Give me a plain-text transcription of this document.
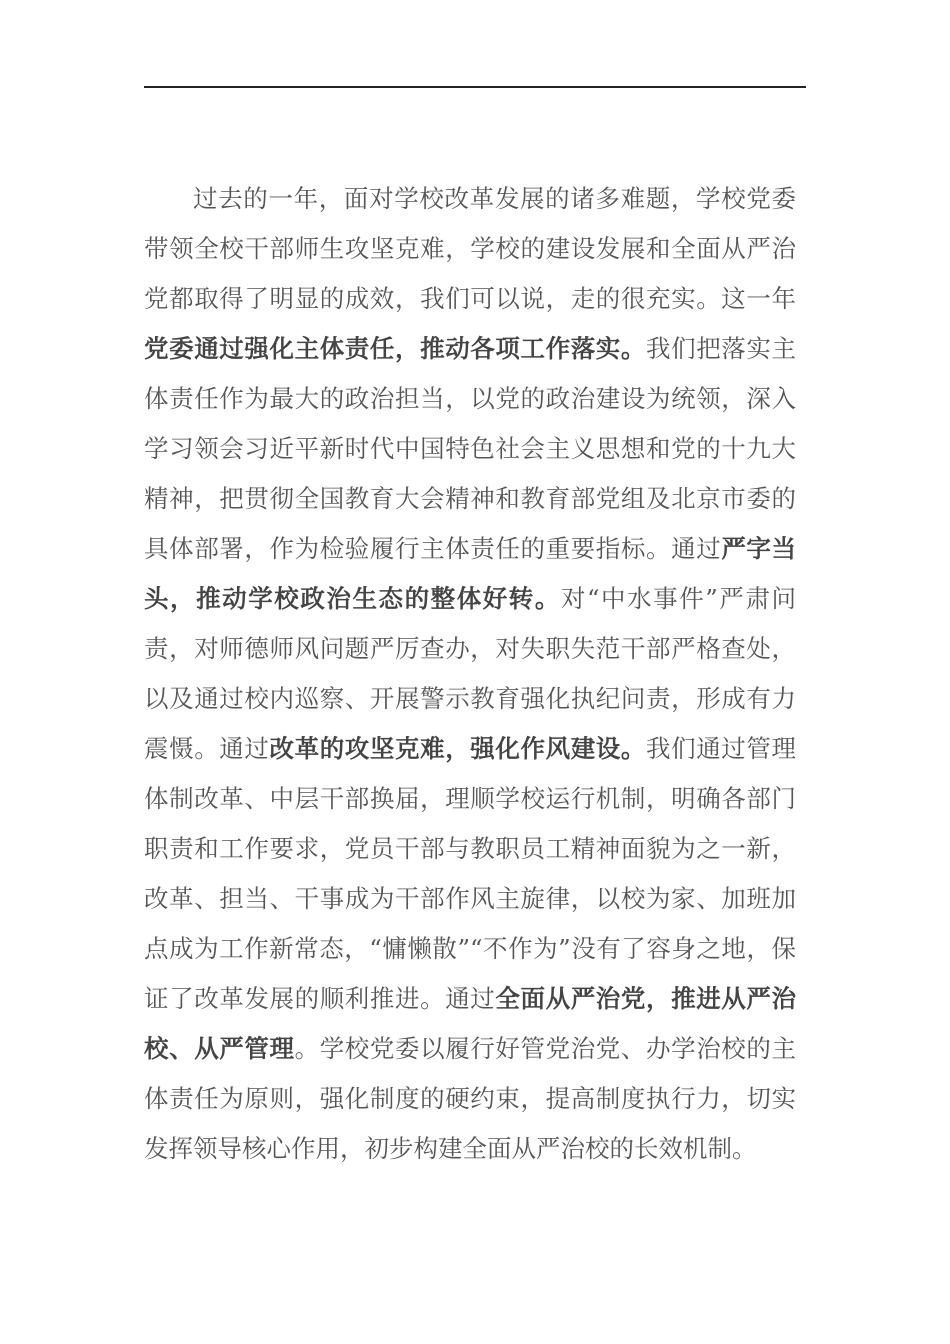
过去的一年，面对学校改革发展的诸多难题，学校党委带领全校干部师生攻坚克难，学校的建设发展和全面从严治党都取得了明显的成效，我们可以说，走的很充实。这一年党委通过强化主体责任，推动各项工作落实。我们把落实主体责任作为最大的政治担当，以党的政治建设为统领，深入学习领会习近平新时代中国特色社会主义思想和党的十九大精神，把贯彻全国教育大会精神和教育部党组及北京市委的具体部署，作为检验履行主体责任的重要指标。通过严字当头，推动学校政治生态的整体好转。对“中水事件”严肃问责，对师德师风问题严厉查办，对失职失范干部严格查处，以及通过校内巡察、开展警示教育强化执纪问责，形成有力震慑。通过改革的攻坚克难，强化作风建设。我们通过管理体制改革、中层干部换届，理顺学校运行机制，明确各部门职责和工作要求，党员干部与教职员工精神面貌为之一新，改革、担当、干事成为干部作风主旋律，以校为家、加班加点成为工作新常态，“慵懒散”“不作为”没有了容身之地，保证了改革发展的顺利推进。通过全面从严治党，推进从严治校、从严管理。学校党委以履行好管党治党、办学治校的主体责任为原则，强化制度的硬约束，提高制度执行力，切实发挥领导核心作用，初步构建全面从严治校的长效机制。
